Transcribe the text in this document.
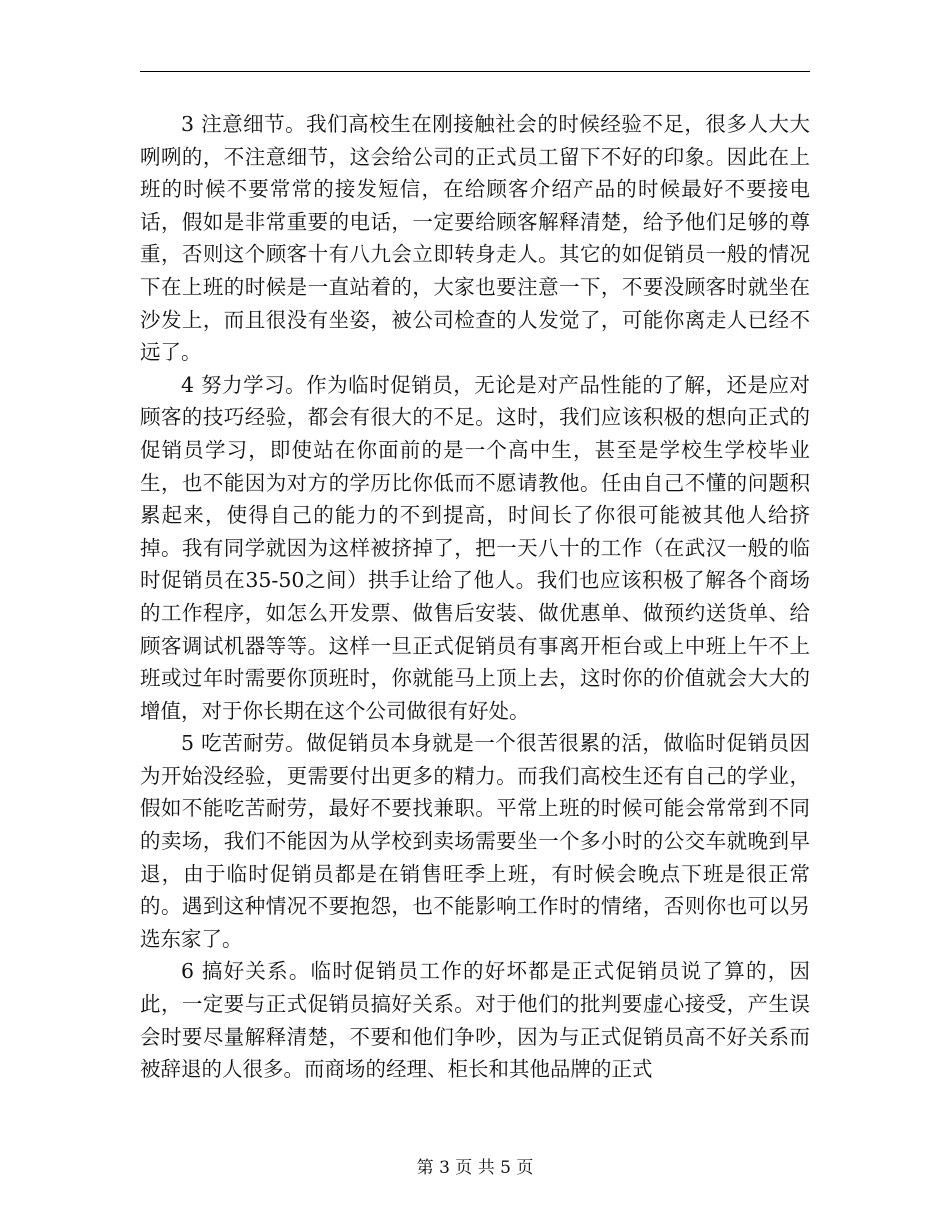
3 注意细节。我们高校生在刚接触社会的时候经验不足，很多人大大咧咧的，不注意细节，这会给公司的正式员工留下不好的印象。因此在上班的时候不要常常的接发短信，在给顾客介绍产品的时候最好不要接电话，假如是非常重要的电话，一定要给顾客解释清楚，给予他们足够的尊重，否则这个顾客十有八九会立即转身走人。其它的如促销员一般的情况下在上班的时候是一直站着的，大家也要注意一下，不要没顾客时就坐在沙发上，而且很没有坐姿，被公司检查的人发觉了，可能你离走人已经不远了。

4 努力学习。作为临时促销员，无论是对产品性能的了解，还是应对顾客的技巧经验，都会有很大的不足。这时，我们应该积极的想向正式的促销员学习，即使站在你面前的是一个高中生，甚至是学校生学校毕业生，也不能因为对方的学历比你低而不愿请教他。任由自己不懂的问题积累起来，使得自己的能力的不到提高，时间长了你很可能被其他人给挤掉。我有同学就因为这样被挤掉了，把一天八十的工作（在武汉一般的临时促销员在35-50之间）拱手让给了他人。我们也应该积极了解各个商场的工作程序，如怎么开发票、做售后安装、做优惠单、做预约送货单、给顾客调试机器等等。这样一旦正式促销员有事离开柜台或上中班上午不上班或过年时需要你顶班时，你就能马上顶上去，这时你的价值就会大大的增值，对于你长期在这个公司做很有好处。

5 吃苦耐劳。做促销员本身就是一个很苦很累的活，做临时促销员因为开始没经验，更需要付出更多的精力。而我们高校生还有自己的学业，假如不能吃苦耐劳，最好不要找兼职。平常上班的时候可能会常常到不同的卖场，我们不能因为从学校到卖场需要坐一个多小时的公交车就晚到早退，由于临时促销员都是在销售旺季上班，有时候会晚点下班是很正常的。遇到这种情况不要抱怨，也不能影响工作时的情绪，否则你也可以另选东家了。

6 搞好关系。临时促销员工作的好坏都是正式促销员说了算的，因此，一定要与正式促销员搞好关系。对于他们的批判要虚心接受，产生误会时要尽量解释清楚，不要和他们争吵，因为与正式促销员高不好关系而被辞退的人很多。而商场的经理、柜长和其他品牌的正式

第 3 页 共 5 页
